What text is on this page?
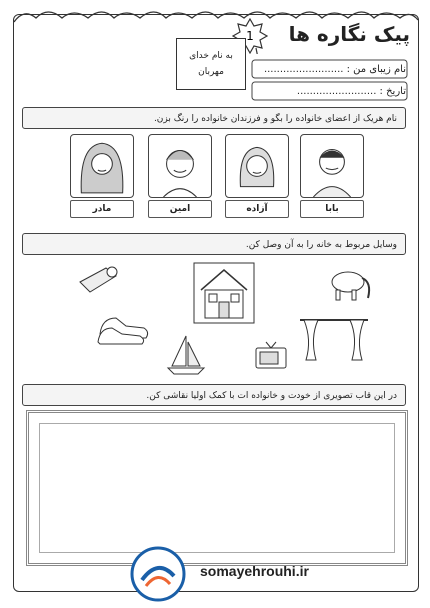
پیک نگاره ها
نام زیبای من : .........................
تاریخ : .........................
1
به نام خدای
مهربان
نام هریک از اعضای خانواده را بگو و فرزندان خانواده را رنگ بزن.
بابا
آزاده
امین
مادر
وسایل مربوط به خانه را به آن وصل کن.
در این قاب تصویری از خودت و خانواده ات با کمک اولیا نقاشی کن.
somayehrouhi.ir
